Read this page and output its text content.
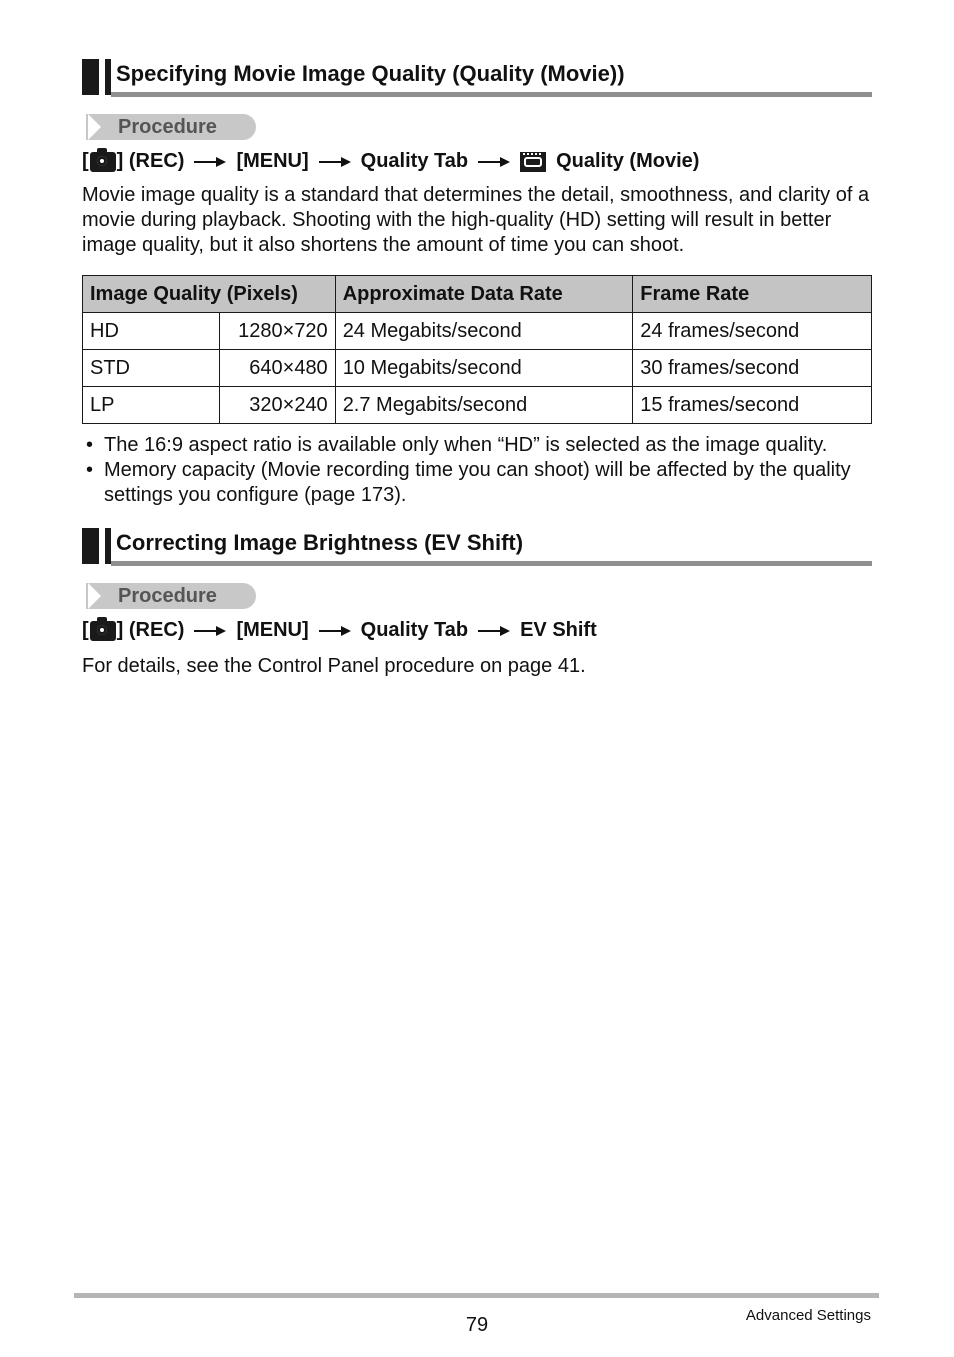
Specifying Movie Image Quality (Quality (Movie))
Procedure
[ ] (REC)	[MENU]	Quality Tab	Quality (Movie)
Movie image quality is a standard that determines the detail, smoothness, and clarity of a movie during playback. Shooting with the high-quality (HD) setting will result in better image quality, but it also shortens the amount of time you can shoot.
Image Quality (Pixels)		Approximate Data Rate	Frame Rate
HD	1280×720	24 Megabits/second	24 frames/second
STD	640×480	10 Megabits/second	30 frames/second
LP	320×240	2.7 Megabits/second	15 frames/second
• The 16:9 aspect ratio is available only when “HD” is selected as the image quality.
• Memory capacity (Movie recording time you can shoot) will be affected by the quality settings you configure (page 173).
Correcting Image Brightness (EV Shift)
Procedure
[ ] (REC)	[MENU]	Quality Tab	EV Shift
For details, see the Control Panel procedure on page 41.
79	Advanced Settings
